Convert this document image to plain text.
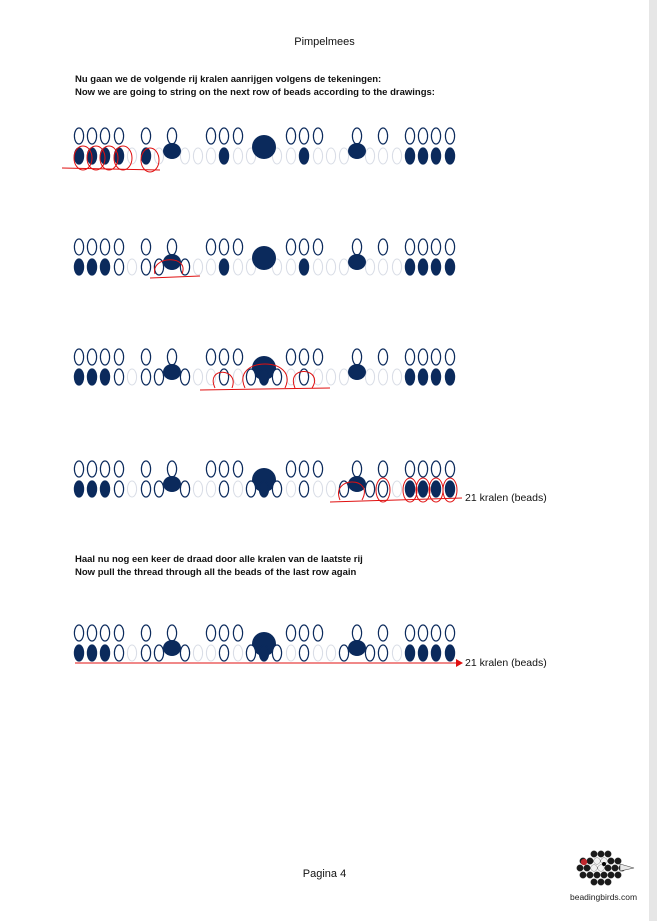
Pimpelmees
Nu gaan we de volgende rij kralen aanrijgen volgens de tekeningen:
Now we are going to string on the next row of beads according to the drawings:
21 kralen (beads)
Haal nu nog een keer de draad door alle kralen van de laatste rij
Now pull the thread through all the beads of the last row again
21 kralen (beads)
Pagina 4
beadingbirds.com
